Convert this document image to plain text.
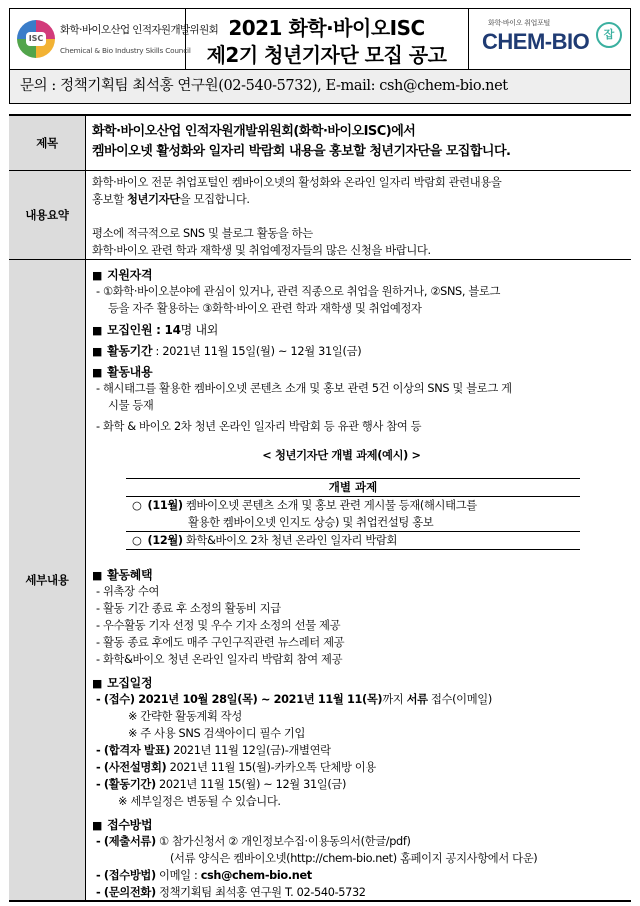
ISC
화학·바이오산업 인적자원개발위원회
Chemical & Bio Industry Skills Council
2021 화학·바이오ISC
제2기 청년기자단 모집 공고
화학·바이오 취업포털
CHEM-BIO	잡
문의 : 정책기획팀 최석홍 연구원(02-540-5732), E-mail: csh@chem-bio.net
제목
화학·바이오산업 인적자원개발위원회(화학·바이오ISC)에서
켐바이오넷 활성화와 일자리 박람회 내용을 홍보할 청년기자단을 모집합니다.
내용요약
화학·바이오 전문 취업포털인 켐바이오넷의 활성화와 온라인 일자리 박람회 관련내용을
홍보할 청년기자단을 모집합니다.
평소에 적극적으로 SNS 및 블로그 활동을 하는
화학·바이오 관련 학과 재학생 및 취업예정자들의 많은 신청을 바랍니다.
세부내용
■ 지원자격
- ①화학·바이오분야에 관심이 있거나, 관련 직종으로 취업을 원하거나, ②SNS, 블로그
등을 자주 활용하는 ③화학·바이오 관련 학과 재학생 및 취업예정자
■ 모집인원 : 14명 내외
■ 활동기간 : 2021년 11월 15일(월) ~ 12월 31일(금)
■ 활동내용
- 해시태그를 활용한 켐바이오넷 콘텐츠 소개 및 홍보 관련 5건 이상의 SNS 및 블로그 게
시물 등재
- 화학 & 바이오 2차 청년 온라인 일자리 박람회 등 유관 행사 참여 등
< 청년기자단 개별 과제(예시) >
개별 과제
○ (11월) 켐바이오넷 콘텐츠 소개 및 홍보 관련 게시물 등재(해시태그를
활용한 켐바이오넷 인지도 상승) 및 취업컨설팅 홍보
○ (12월) 화학&바이오 2차 청년 온라인 일자리 박람회
■ 활동혜택
- 위촉장 수여
- 활동 기간 종료 후 소정의 활동비 지급
- 우수활동 기자 선정 및 우수 기자 소정의 선물 제공
- 활동 종료 후에도 매주 구인구직관련 뉴스레터 제공
- 화학&바이오 청년 온라인 일자리 박람회 참여 제공
■ 모집일정
- (접수) 2021년 10월 28일(목) ~ 2021년 11월 11(목)까지 서류 접수(이메일)
※ 간략한 활동계획 작성
※ 주 사용 SNS 검색아이디 필수 기입
- (합격자 발표) 2021년 11월 12일(금)-개별연락
- (사전설명회) 2021년 11월 15(월)-카카오톡 단체방 이용
- (활동기간) 2021년 11월 15(월) ~ 12월 31일(금)
※ 세부일정은 변동될 수 있습니다.
■ 접수방법
- (제출서류) ① 참가신청서 ② 개인정보수집·이용동의서(한글/pdf)
(서류 양식은 켐바이오넷(http://chem-bio.net) 홈페이지 공지사항에서 다운)
- (접수방법) 이메일 : csh@chem-bio.net
- (문의전화) 정책기획팀 최석홍 연구원 T. 02-540-5732
